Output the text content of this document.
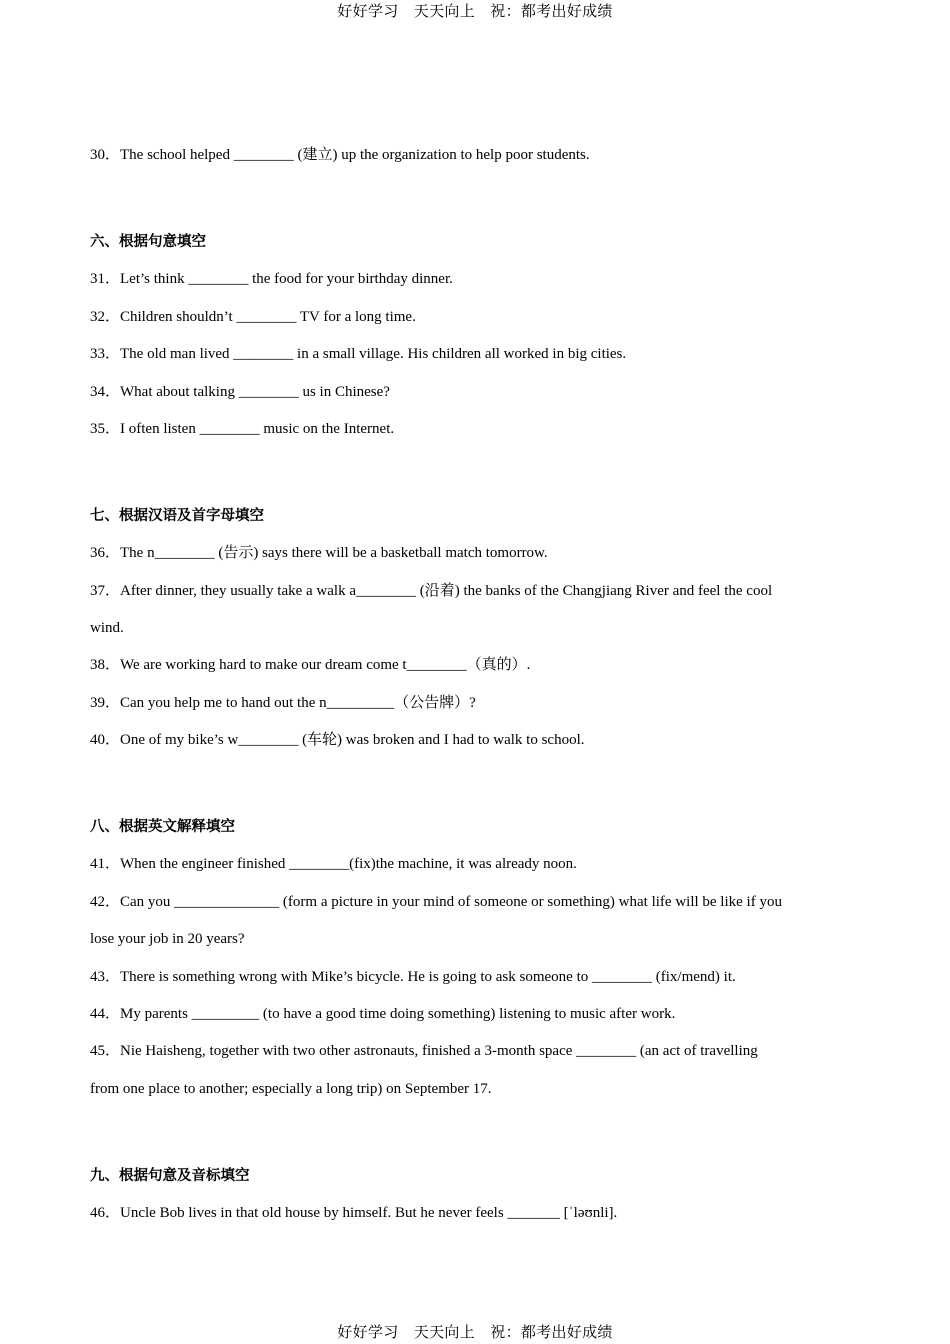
好好学习　天天向上　祝：都考出好成绩
30．The school helped ________ (建立) up the organization to help poor students.
六、根据句意填空
31．Let’s think ________ the food for your birthday dinner.
32．Children shouldn’t ________ TV for a long time.
33．The old man lived ________ in a small village. His children all worked in big cities.
34．What about talking ________ us in Chinese?
35．I often listen ________ music on the Internet.
七、根据汉语及首字母填空
36．The n________ (告示) says there will be a basketball match tomorrow.
37．After dinner, they usually take a walk a________ (沿着) the banks of the Changjiang River and feel the cool
wind.
38．We are working hard to make our dream come t________（真的）.
39．Can you help me to hand out the n_________（公告牌）?
40．One of my bike’s w________ (车轮) was broken and I had to walk to school.
八、根据英文解释填空
41．When the engineer finished ________(fix)the machine, it was already noon.
42．Can you ______________ (form a picture in your mind of someone or something) what life will be like if you
lose your job in 20 years?
43．There is something wrong with Mike’s bicycle. He is going to ask someone to ________ (fix/mend) it.
44．My parents _________ (to have a good time doing something) listening to music after work.
45．Nie Haisheng, together with two other astronauts, finished a 3-month space ________ (an act of travelling
from one place to another; especially a long trip) on September 17.
九、根据句意及音标填空
46．Uncle Bob lives in that old house by himself. But he never feels _______ [ˈləʊnli].
好好学习　天天向上　祝：都考出好成绩
